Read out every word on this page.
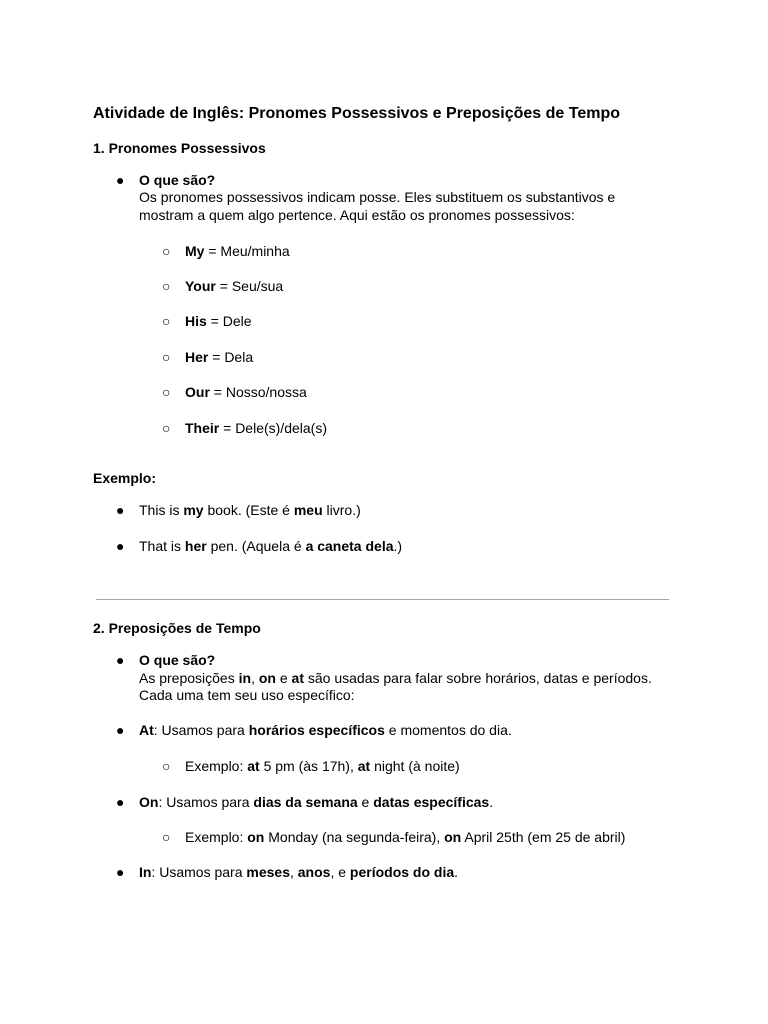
Atividade de Inglês: Pronomes Possessivos e Preposições de Tempo
1. Pronomes Possessivos
● O que são?
Os pronomes possessivos indicam posse. Eles substituem os substantivos e
mostram a quem algo pertence. Aqui estão os pronomes possessivos:
○ My = Meu/minha
○ Your = Seu/sua
○ His = Dele
○ Her = Dela
○ Our = Nosso/nossa
○ Their = Dele(s)/dela(s)
Exemplo:
● This is my book. (Este é meu livro.)
● That is her pen. (Aquela é a caneta dela.)
2. Preposições de Tempo
● O que são?
As preposições in, on e at são usadas para falar sobre horários, datas e períodos.
Cada uma tem seu uso específico:
● At: Usamos para horários específicos e momentos do dia.
○ Exemplo: at 5 pm (às 17h), at night (à noite)
● On: Usamos para dias da semana e datas específicas.
○ Exemplo: on Monday (na segunda-feira), on April 25th (em 25 de abril)
● In: Usamos para meses, anos, e períodos do dia.
